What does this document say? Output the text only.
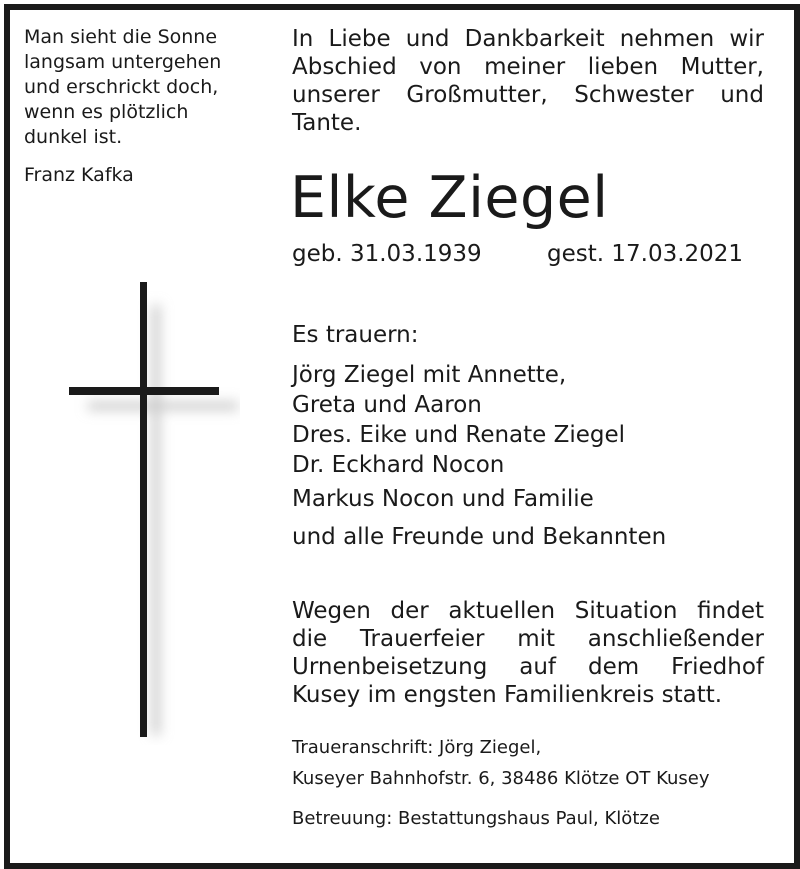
Man sieht die Sonne
langsam untergehen
und erschrickt doch,
wenn es plötzlich
dunkel ist.
Franz Kafka
In Liebe und Dankbarkeit nehmen wir
Abschied von meiner lieben Mutter,
unserer Großmutter, Schwester und
Tante.
Elke Ziegel
geb. 31.03.1939	gest. 17.03.2021
Es trauern:
Jörg Ziegel mit Annette,
Greta und Aaron
Dres. Eike und Renate Ziegel
Dr. Eckhard Nocon
Markus Nocon und Familie
und alle Freunde und Bekannten
Wegen der aktuellen Situation findet
die Trauerfeier mit anschließender
Urnenbeisetzung auf dem Friedhof
Kusey im engsten Familienkreis statt.
Traueranschrift: Jörg Ziegel,
Kuseyer Bahnhofstr. 6, 38486 Klötze OT Kusey
Betreuung: Bestattungshaus Paul, Klötze
